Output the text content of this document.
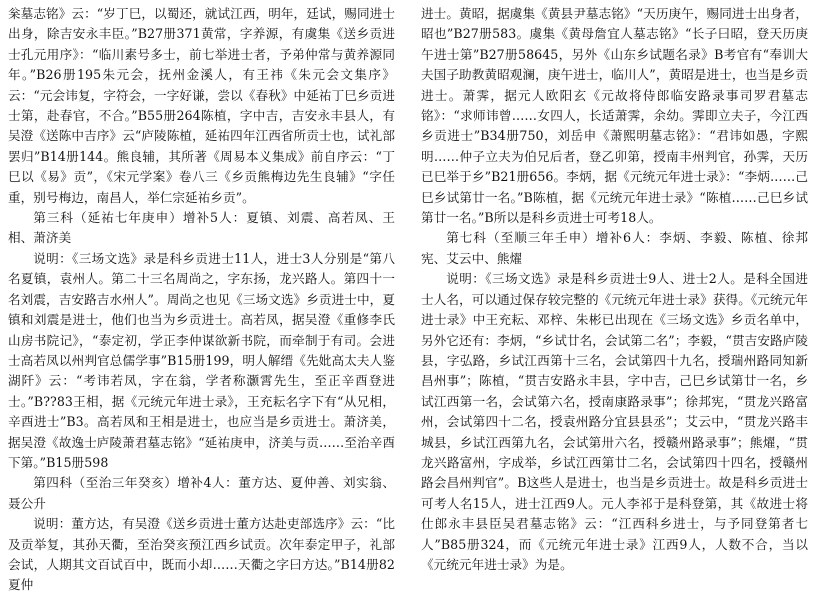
枀墓志铭》云：“岁丁巳，以蜀还，就试江西，明年，廷试，赐同进士出身，除吉安永丰臣。”B27册371黄常，字养源，有虞集《送乡贡进士孔元用序》：“临川素号多士，前七举进士者，予弟仲常与黄养源同年。”B26册195朱元会，抚州金溪人，有王祎《朱元会文集序》云：“元会讳复，字符会，一字好谦，尝以《春秋》中延祐丁巳乡贡进士第，赴春官，不合。”B55册264陈植，字中吉，吉安永丰县人，有吴澄《送陈中吉序》云“庐陵陈植，延祐四年江西省所贡士也，试礼部罢归”B14册144。熊良辅，其所著《周易本义集成》前自序云：“丁巳以《易》贡”，《宋元学案》卷八三《乡贡熊梅边先生良辅》“字任重，别号梅边，南昌人，举仁宗延祐乡贡”。

第三科（延祐七年庚申）增补5人：夏镇、刘震、高若凤、王相、萧济美

说明：《三场文选》录是科乡贡进士11人，进士3人分别是“第八名夏镇，袁州人。第二十三名周尚之，字东扬，龙兴路人。第四十一名刘震，吉安路吉水州人”。周尚之也见《三场文选》乡贡进士中，夏镇和刘震是进士，他们也当为乡贡进士。高若凤，据吴澄《重修李氏山房书院记》，“泰定初，学正李仲谋欲新书院，而牵制于有司。会进士高若凤以州判官总儒学事”B15册199，明人解缙《先妣高太夫人鉴湖阡》云：“考讳若凤，字在翁，学者称灏霄先生，至正辛酉登进士。”B??83王相，据《元统元年进士录》，王充耘名字下有“从兄相，辛酉进士”B3。高若凤和王相是进士，也应当是乡贡进士。萧济美，据吴澄《故逸士庐陵萧君墓志铭》“延祐庚申，济美与贡……至治辛酉下第。”B15册598

第四科（至治三年癸亥）增补4人：董方达、夏仲善、刘实翁、聂公升

说明：董方达，有吴澄《送乡贡进士董方达赴吏部选序》云：“比及贡举复，其孙天衢，至治癸亥预江西乡试贡。次年泰定甲子，礼部会试，人期其文百试百中，既而小却……天衢之字曰方达。”B14册82夏仲

进士。黄昭，据虞集《黄县尹墓志铭》“天历庚午，赐同进士出身者，昭也”B27册583。虞集《黄母詹宜人墓志铭》“长子曰昭，登天历庚午进士第”B27册58645，另外《山东乡试题名录》B考官有“奉训大夫国子助教黄昭观澜，庚午进士，临川人”，黄昭是进士，也当是乡贡进士。萧霁，据元人欧阳玄《元故将侍郎临安路录事司罗君墓志铭》：“求师讳曾……女四人，长适萧霁，余幼。霁即立夫子，今江西乡贡进士”B34册750，刘岳申《萧熙明墓志铭》：“君讳如愚，字熙明……仲子立夫为伯兄后者，登乙卯第，授南丰州判官，孙霁，天历已巳举于乡”B21册656。李炳，据《元统元年进士录》：“李炳……己巳乡试第廿一名。”B陈植，据《元统元年进士录》“陈植……己巳乡试第廿一名。”B所以是科乡贡进士可考18人。

第七科（至顺三年壬申）增补6人：李炳、李毅、陈植、徐邦宪、艾云中、熊燿

说明：《三场文选》录是科乡贡进士9人、进士2人。是科全国进士人名，可以通过保存较完整的《元统元年进士录》获得。《元统元年进士录》中王充耘、邓梓、朱彬已出现在《三场文选》乡贡名单中，另外它还有：李炳，“乡试廿名，会试第二名”；李毅，“贯吉安路庐陵县，字弘路，乡试江西第十三名，会试第四十九名，授瑞州路同知新昌州事”；陈植，“贯吉安路永丰县，字中吉，己巳乡试第廿一名，乡试江西第一名，会试第六名，授南康路录事”；徐邦宪，“贯龙兴路富州，会试第四十二名，授袁州路分宜县县丞”；艾云中，“贯龙兴路丰城县，乡试江西第九名，会试第卅六名，授赣州路录事”；熊燿，“贯龙兴路富州，字成举，乡试江西第廿二名，会试第四十四名，授赣州路会昌州判官”。B这些人是进士，也当是乡贡进士。故是科乡贡进士可考人名15人，进士江西9人。元人李祁于是科登第，其《故进士将仕郎永丰县臣吴君墓志铭》云：“江西科乡进士，与予同登第者七人”B85册324，而《元统元年进士录》江西9人，人数不合，当以《元统元年进士录》为是。
